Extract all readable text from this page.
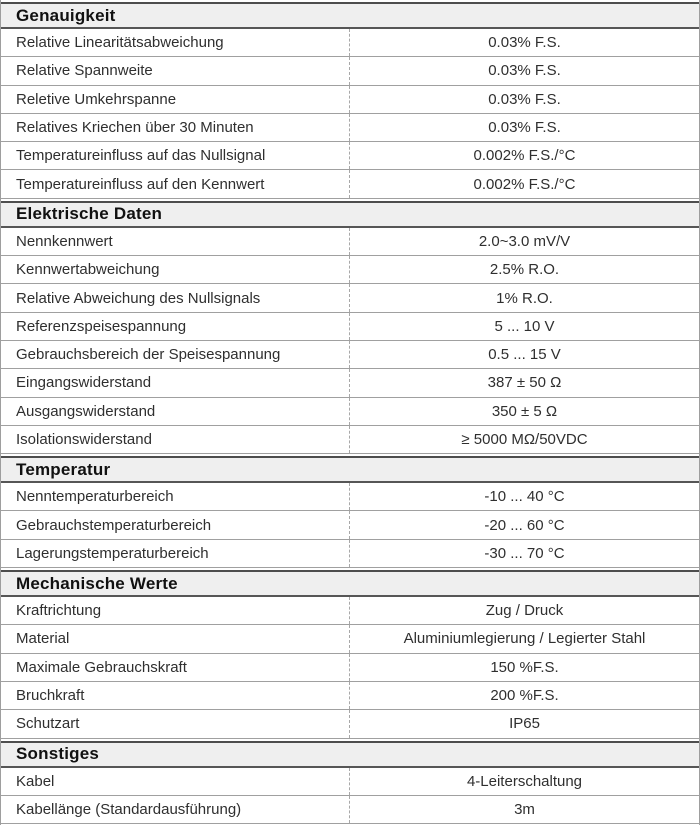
Genauigkeit
Relative Linearitätsabweichung	0.03% F.S.
Relative Spannweite	0.03% F.S.
Reletive Umkehrspanne	0.03% F.S.
Relatives Kriechen über 30 Minuten	0.03% F.S.
Temperatureinfluss auf das Nullsignal	0.002% F.S./°C
Temperatureinfluss auf den Kennwert	0.002% F.S./°C
Elektrische Daten
Nennkennwert	2.0~3.0 mV/V
Kennwertabweichung	2.5% R.O.
Relative Abweichung des Nullsignals	1% R.O.
Referenzspeisespannung	5 ... 10 V
Gebrauchsbereich der Speisespannung	0.5 ... 15 V
Eingangswiderstand	387 ± 50 Ω
Ausgangswiderstand	350 ± 5 Ω
Isolationswiderstand	≥ 5000 MΩ/50VDC
Temperatur
Nenntemperaturbereich	-10 ... 40 °C
Gebrauchstemperaturbereich	-20 ... 60 °C
Lagerungstemperaturbereich	-30 ... 70 °C
Mechanische Werte
Kraftrichtung	Zug / Druck
Material	Aluminiumlegierung / Legierter Stahl
Maximale Gebrauchskraft	150 %F.S.
Bruchkraft	200 %F.S.
Schutzart	IP65
Sonstiges
Kabel	4-Leiterschaltung
Kabellänge (Standardausführung)	3m
